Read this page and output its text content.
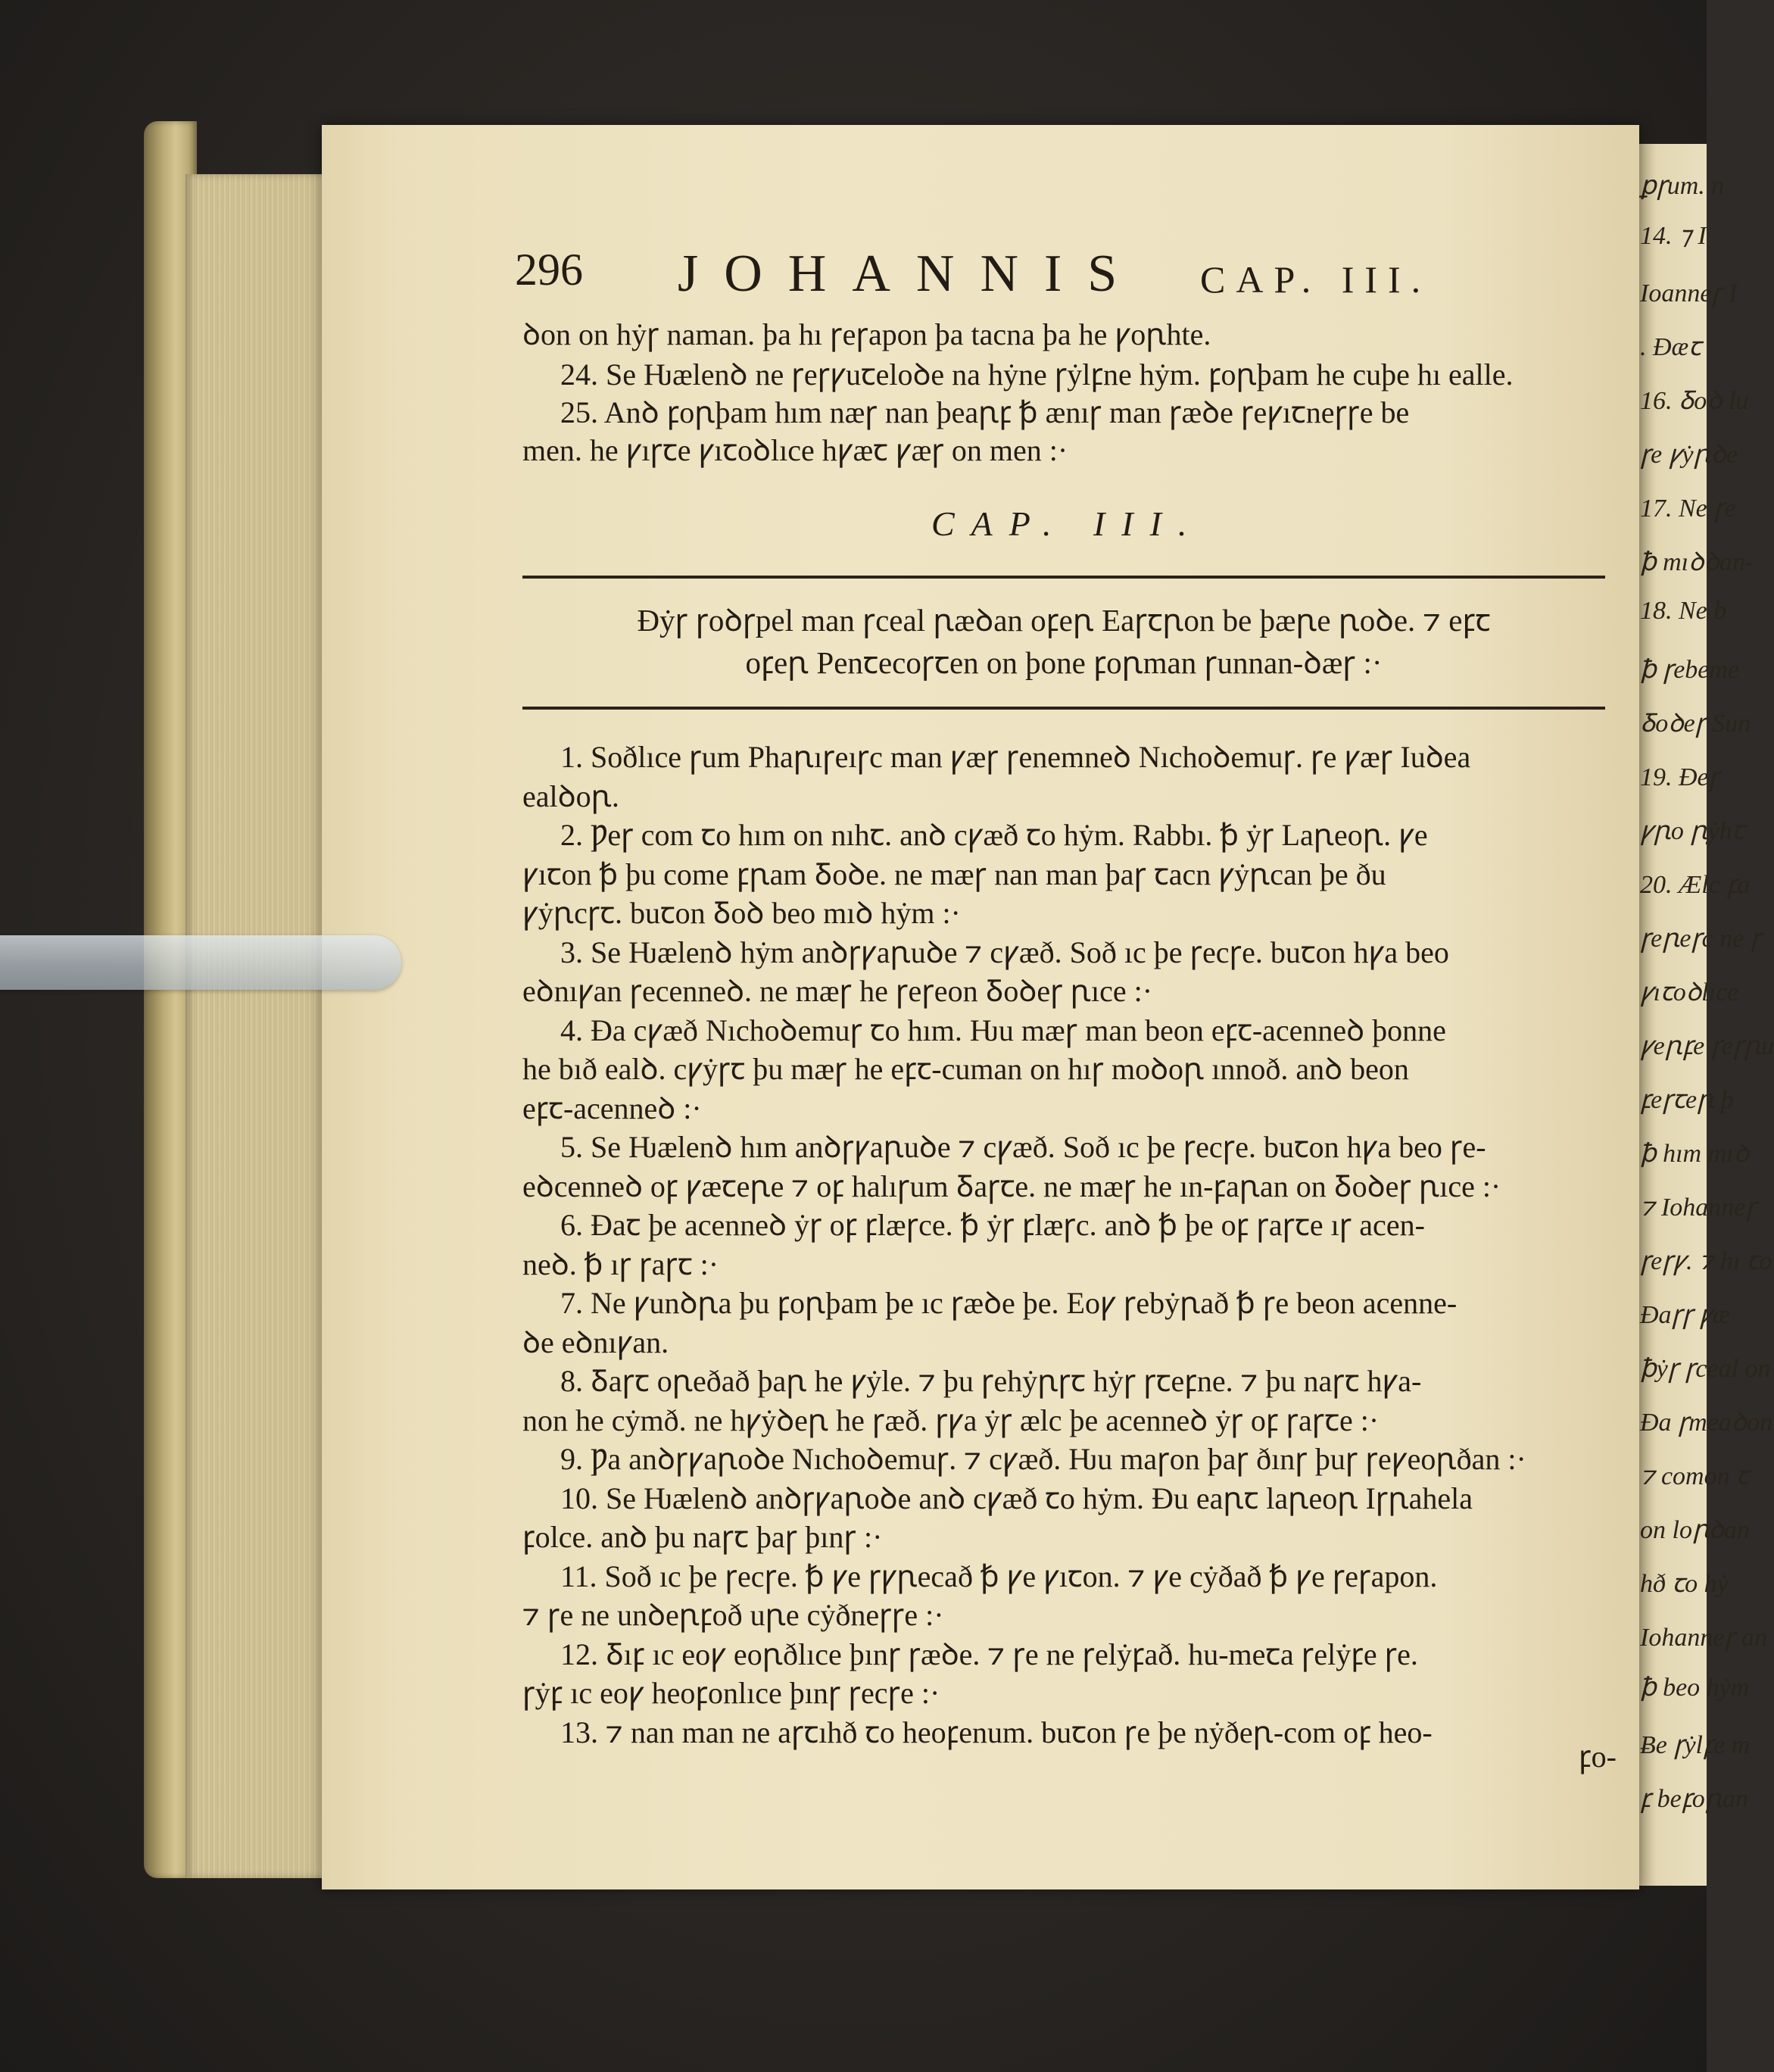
ꝑꞅum. n
14. ⁊ I
Ioanneꞅ I
. Ðæꞇ
16. Ᵹoꝺ lu
ꞅe ꝩẏꞃꝺe
17. Ne ꞅe
ꝥ mıꝺꝺan-
18. Ne b
ꝥ ꞅebeme
Ᵹoꝺeꞅ Sun
19. Ðeꞅ
ꝩꞃo ꞃẏhꞇ
20. Ælc ꝼa
ꞅeꞃeꞅc ne ꞅ
ꝩıꞇoꝺlıce
ꝩeꞃꝼe ꞅeꞅꞃu
ꝼeꞅꞇeꞃ þ
ꝥ hım mıꝺ
⁊ Iohanneꞅ
ꞅeꞅꝩ. ⁊ hı ꞇo
Ðaꞅꞅ ꝩæ
ꝥẏꞅ ꞅceal on
Ða ꞅmeaꝺon
⁊ comon ꞇ
on loꞃꝺan
hð ꞇo hẏ
Iohanneꞅ an
ꝥ beo hẏm
Ƀe ꞅẏlꝼe m
ꝼ beꝼoꞃan
296 JOHANNIS CAP. III.
ꝺon on hẏꞅ naman. þa hı ꞅeꞅapon þa tacna þa he ꝩoꞃhte.
24. Se Ƕælenꝺ ne ꞅeꞅꝩuꞇeloꝺe na hẏne ꞅẏlꝼne hẏm. ꝼoꞃþam he cuþe hı ealle.
25. Anꝺ ꝼoꞃþam hım næꞅ nan þeaꞃꝼ ꝥ ænıꞅ man ꞅæꝺe ꞅeꝩıꞇneꞅꞅe be
men. he ꝩıꞅꞇe ꝩıꞇoꝺlıce hꝩæꞇ ꝩæꞅ on men :·
CAP. III.
Ðẏꞅ ꞅoꝺꞅpel man ꞅceal ꞃæꝺan oꝼeꞃ Eaꞅꞇꞃon be þæꞃe ꞃoꝺe. ⁊ eꝼꞇ
oꝼeꞃ Penꞇecoꞅꞇen on þone ꝼoꞃman ꞅunnan-ꝺæꞅ :·
1. Soðlıce ꞅum Phaꞃıꞅeıꞅc man ꝩæꞅ ꞅenemneꝺ Nıchoꝺemuꞅ. ꞅe ꝩæꞅ Iuꝺea
ealꝺoꞃ.
2. Ƿeꞅ com ꞇo hım on nıhꞇ. anꝺ cꝩæð ꞇo hẏm. Rabbı. ꝥ ẏꞅ Laꞃeoꞃ. ꝩe
ꝩıꞇon ꝥ þu come ꝼꞃam Ᵹoꝺe. ne mæꞅ nan man þaꞅ ꞇacn ꝩẏꞃcan þe ðu
ꝩẏꞃcꞅꞇ. buꞇon Ᵹoꝺ beo mıꝺ hẏm :·
3. Se Ƕælenꝺ hẏm anꝺꞅꝩaꞃuꝺe ⁊ cꝩæð. Soð ıc þe ꞅecꞅe. buꞇon hꝩa beo
eꝺnıꝩan ꞅecenneꝺ. ne mæꞅ he ꞅeꞅeon Ᵹoꝺeꞅ ꞃıce :·
4. Ða cꝩæð Nıchoꝺemuꞅ ꞇo hım. Ƕu mæꞅ man beon eꝼꞇ-acenneꝺ þonne
he bıð ealꝺ. cꝩẏꞅꞇ þu mæꞅ he eꝼꞇ-cuman on hıꞅ moꝺoꞃ ınnoð. anꝺ beon
eꝼꞇ-acenneꝺ :·
5. Se Ƕælenꝺ hım anꝺꞅꝩaꞃuꝺe ⁊ cꝩæð. Soð ıc þe ꞅecꞅe. buꞇon hꝩa beo ꞅe-
eꝺcenneꝺ oꝼ ꝩæꞇeꞃe ⁊ oꝼ halıꞅum Ᵹaꞅꞇe. ne mæꞅ he ın-ꝼaꞃan on Ᵹoꝺeꞅ ꞃıce :·
6. Ðaꞇ þe acenneꝺ ẏꞅ oꝼ ꝼlæꞅce. ꝥ ẏꞅ ꝼlæꞅc. anꝺ ꝥ þe oꝼ ꞅaꞅꞇe ıꞅ acen-
neꝺ. ꝥ ıꞅ ꞅaꞅꞇ :·
7. Ne ꝩunꝺꞃa þu ꝼoꞃþam þe ıc ꞅæꝺe þe. Eoꝩ ꞅebẏꞃað ꝥ ꞅe beon acenne-
ꝺe eꝺnıꝩan.
8. Ᵹaꞅꞇ oꞃeðað þaꞃ he ꝩẏle. ⁊ þu ꞅehẏꞃꞅꞇ hẏꞅ ꞅꞇeꝼne. ⁊ þu naꞅꞇ hꝩa-
non he cẏmð. ne hꝩẏꝺeꞃ he ꞅæð. ꞅꝩa ẏꞅ ælc þe acenneꝺ ẏꞅ oꝼ ꞅaꞅꞇe :·
9. Ƿa anꝺꞅꝩaꞃoꝺe Nıchoꝺemuꞅ. ⁊ cꝩæð. Ƕu maꞅon þaꞅ ðınꞅ þuꞅ ꞅeꝩeoꞃðan :·
10. Se Ƕælenꝺ anꝺꞅꝩaꞃoꝺe anꝺ cꝩæð ꞇo hẏm. Ðu eaꞃꞇ laꞃeoꞃ Iꞅꞃahela
ꝼolce. anꝺ þu naꞅꞇ þaꞅ þınꞅ :·
11. Soð ıc þe ꞅecꞅe. ꝥ ꝩe ꞅꝩꞃecað ꝥ ꝩe ꝩıꞇon. ⁊ ꝩe cẏðað ꝥ ꝩe ꞅeꞅapon.
⁊ ꞅe ne unꝺeꞃꝼoð uꞃe cẏðneꞅꞅe :·
12. Ᵹıꝼ ıc eoꝩ eoꞃðlıce þınꞅ ꞅæꝺe. ⁊ ꞅe ne ꞅelẏꝼað. hu-meꞇa ꞅelẏꝼe ꞅe.
ꞅẏꝼ ıc eoꝩ heoꝼonlıce þınꞅ ꞅecꞅe :·
13. ⁊ nan man ne aꞅꞇıhð ꞇo heoꝼenum. buꞇon ꞅe þe nẏðeꞃ-com oꝼ heo-
ꝼo-
